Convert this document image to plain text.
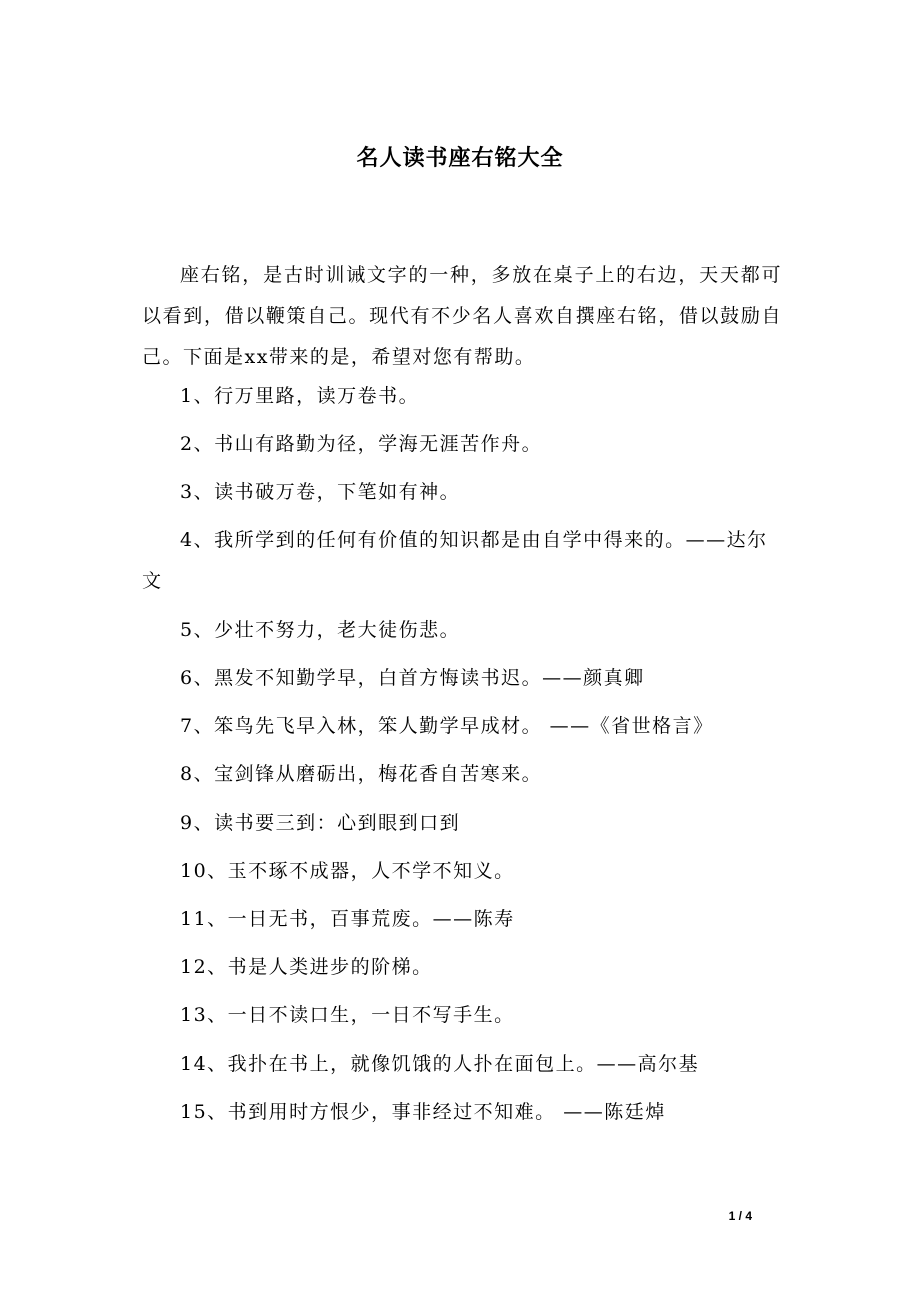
名人读书座右铭大全

座右铭，是古时训诫文字的一种，多放在桌子上的右边，天天都可以看到，借以鞭策自己。现代有不少名人喜欢自撰座右铭，借以鼓励自己。下面是xx带来的是，希望对您有帮助。

1、行万里路，读万卷书。
2、书山有路勤为径，学海无涯苦作舟。
3、读书破万卷，下笔如有神。
4、我所学到的任何有价值的知识都是由自学中得来的。——达尔文
5、少壮不努力，老大徒伤悲。
6、黑发不知勤学早，白首方悔读书迟。——颜真卿
7、笨鸟先飞早入林，笨人勤学早成材。 ——《省世格言》
8、宝剑锋从磨砺出，梅花香自苦寒来。
9、读书要三到：心到眼到口到
10、玉不琢不成器，人不学不知义。
11、一日无书，百事荒废。——陈寿
12、书是人类进步的阶梯。
13、一日不读口生，一日不写手生。
14、我扑在书上，就像饥饿的人扑在面包上。——高尔基
15、书到用时方恨少，事非经过不知难。 ——陈廷焯
1 / 4
